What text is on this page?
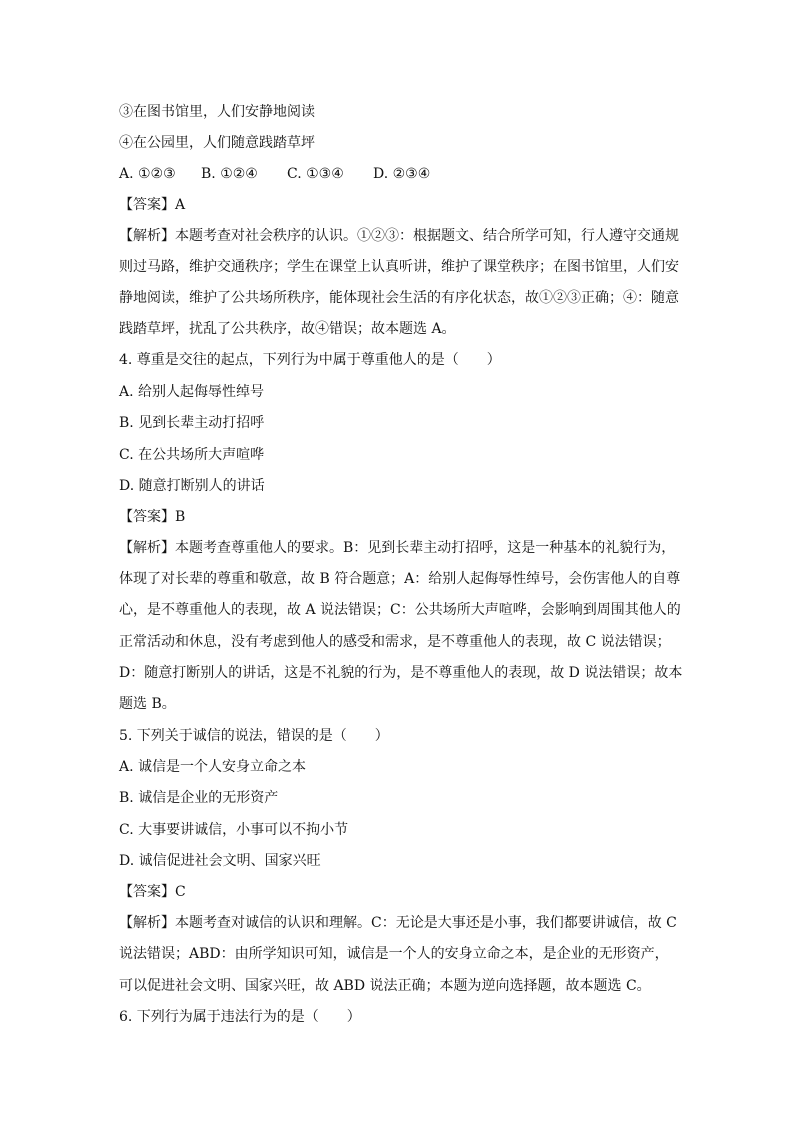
③在图书馆里，人们安静地阅读
④在公园里，人们随意践踏草坪
A. ①②③	B. ①②④	C. ①③④	D. ②③④
【答案】A
【解析】本题考查对社会秩序的认识。①②③：根据题文、结合所学可知，行人遵守交通规
则过马路，维护交通秩序；学生在课堂上认真听讲，维护了课堂秩序；在图书馆里，人们安
静地阅读，维护了公共场所秩序，能体现社会生活的有序化状态，故①②③正确；④：随意
践踏草坪，扰乱了公共秩序，故④错误；故本题选 A。
4. 尊重是交往的起点，下列行为中属于尊重他人的是（　　）
A. 给别人起侮辱性绰号
B. 见到长辈主动打招呼
C. 在公共场所大声喧哗
D. 随意打断别人的讲话
【答案】B
【解析】本题考查尊重他人的要求。B：见到长辈主动打招呼，这是一种基本的礼貌行为，
体现了对长辈的尊重和敬意，故 B 符合题意；A：给别人起侮辱性绰号，会伤害他人的自尊
心，是不尊重他人的表现，故 A 说法错误；C：公共场所大声喧哗，会影响到周围其他人的
正常活动和休息，没有考虑到他人的感受和需求，是不尊重他人的表现，故 C 说法错误；
D：随意打断别人的讲话，这是不礼貌的行为，是不尊重他人的表现，故 D 说法错误；故本
题选 B。
5. 下列关于诚信的说法，错误的是（　　）
A. 诚信是一个人安身立命之本
B. 诚信是企业的无形资产
C. 大事要讲诚信，小事可以不拘小节
D. 诚信促进社会文明、国家兴旺
【答案】C
【解析】本题考查对诚信的认识和理解。C：无论是大事还是小事，我们都要讲诚信，故 C
说法错误；ABD：由所学知识可知，诚信是一个人的安身立命之本，是企业的无形资产，
可以促进社会文明、国家兴旺，故 ABD 说法正确；本题为逆向选择题，故本题选 C。
6. 下列行为属于违法行为的是（　　）
